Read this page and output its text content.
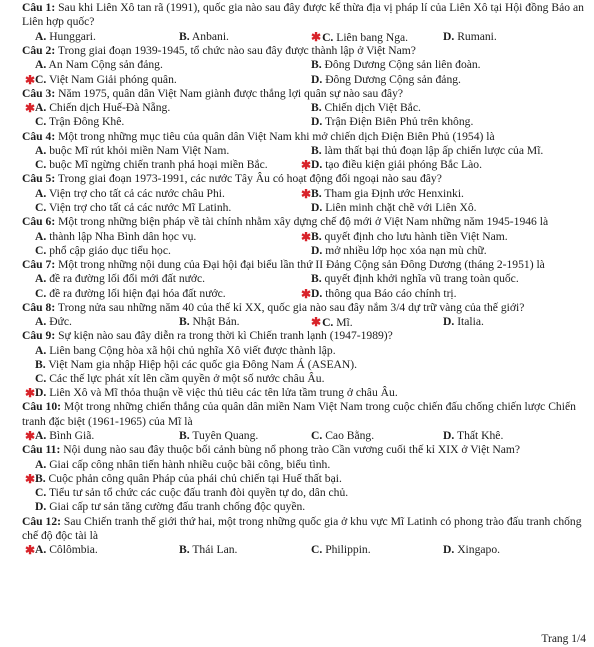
Câu 1: Sau khi Liên Xô tan rã (1991), quốc gia nào sau đây được kế thừa địa vị pháp lí của Liên Xô tại Hội đồng Bảo an Liên hợp quốc?

A. Hunggari.	B. Anbani.	✱C. Liên bang Nga.	D. Rumani.

Câu 2: Trong giai đoạn 1939-1945, tổ chức nào sau đây được thành lập ở Việt Nam?

A. An Nam Cộng sản đảng.	B. Đông Dương Cộng sản liên đoàn.
✱ C. Việt Nam Giải phóng quân.	D. Đông Dương Cộng sản đảng.

Câu 3: Năm 1975, quân dân Việt Nam giành được thắng lợi quân sự nào sau đây?

✱ A. Chiến dịch Huế-Đà Nẵng.	B. Chiến dịch Việt Bắc.
C. Trận Đông Khê.	D. Trận Điện Biên Phủ trên không.

Câu 4: Một trong những mục tiêu của quân dân Việt Nam khi mở chiến dịch Điện Biên Phủ (1954) là

A. buộc Mĩ rút khỏi miền Nam Việt Nam.	B. làm thất bại thủ đoạn lập ấp chiến lược của Mĩ.
C. buộc Mĩ ngừng chiến tranh phá hoại miền Bắc.	✱ D. tạo điều kiện giải phóng Bắc Lào.

Câu 5: Trong giai đoạn 1973-1991, các nước Tây Âu có hoạt động đối ngoại nào sau đây?

A. Viện trợ cho tất cả các nước châu Phi.	✱ B. Tham gia Định ước Henxinki.
C. Viện trợ cho tất cả các nước Mĩ Latinh.	D. Liên minh chặt chẽ với Liên Xô.

Câu 6: Một trong những biện pháp về tài chính nhằm xây dựng chế độ mới ở Việt Nam những năm 1945-1946 là

A. thành lập Nha Bình dân học vụ.	✱ B. quyết định cho lưu hành tiền Việt Nam.
C. phổ cập giáo dục tiểu học.	D. mở nhiều lớp học xóa nạn mù chữ.

Câu 7: Một trong những nội dung của Đại hội đại biểu lần thứ II Đảng Cộng sản Đông Dương (tháng 2-1951) là

A. đề ra đường lối đổi mới đất nước.	B. quyết định khởi nghĩa vũ trang toàn quốc.
C. đề ra đường lối hiện đại hóa đất nước.	✱ D. thông qua Báo cáo chính trị.

Câu 8: Trong nửa sau những năm 40 của thế kỉ XX, quốc gia nào sau đây nắm 3/4 dự trữ vàng của thế giới?

A. Đức.	B. Nhật Bản.	✱C. Mĩ.	D. Italia.

Câu 9: Sự kiện nào sau đây diễn ra trong thời kì Chiến tranh lạnh (1947-1989)?

A. Liên bang Cộng hòa xã hội chủ nghĩa Xô viết được thành lập.
B. Việt Nam gia nhập Hiệp hội các quốc gia Đông Nam Á (ASEAN).
C. Các thế lực phát xít lên cầm quyền ở một số nước châu Âu.
✱ D. Liên Xô và Mĩ thỏa thuận về việc thủ tiêu các tên lửa tầm trung ở châu Âu.

Câu 10: Một trong những chiến thắng của quân dân miền Nam Việt Nam trong cuộc chiến đấu chống chiến lược Chiến tranh đặc biệt (1961-1965) của Mĩ là

✱ A. Bình Giã.	B. Tuyên Quang.	C. Cao Bằng.	D. Thất Khê.

Câu 11: Nội dung nào sau đây thuộc bối cảnh bùng nổ phong trào Cần vương cuối thế kỉ XIX ở Việt Nam?

A. Giai cấp công nhân tiến hành nhiều cuộc bãi công, biểu tình.
✱ B. Cuộc phản công quân Pháp của phái chủ chiến tại Huế thất bại.
C. Tiểu tư sản tổ chức các cuộc đấu tranh đòi quyền tự do, dân chủ.
D. Giai cấp tư sản tăng cường đấu tranh chống độc quyền.

Câu 12: Sau Chiến tranh thế giới thứ hai, một trong những quốc gia ở khu vực Mĩ Latinh có phong trào đấu tranh chống chế độ độc tài là

✱ A. Côlômbia.	B. Thái Lan.	C. Philippin.	D. Xingapo.
Trang 1/4
